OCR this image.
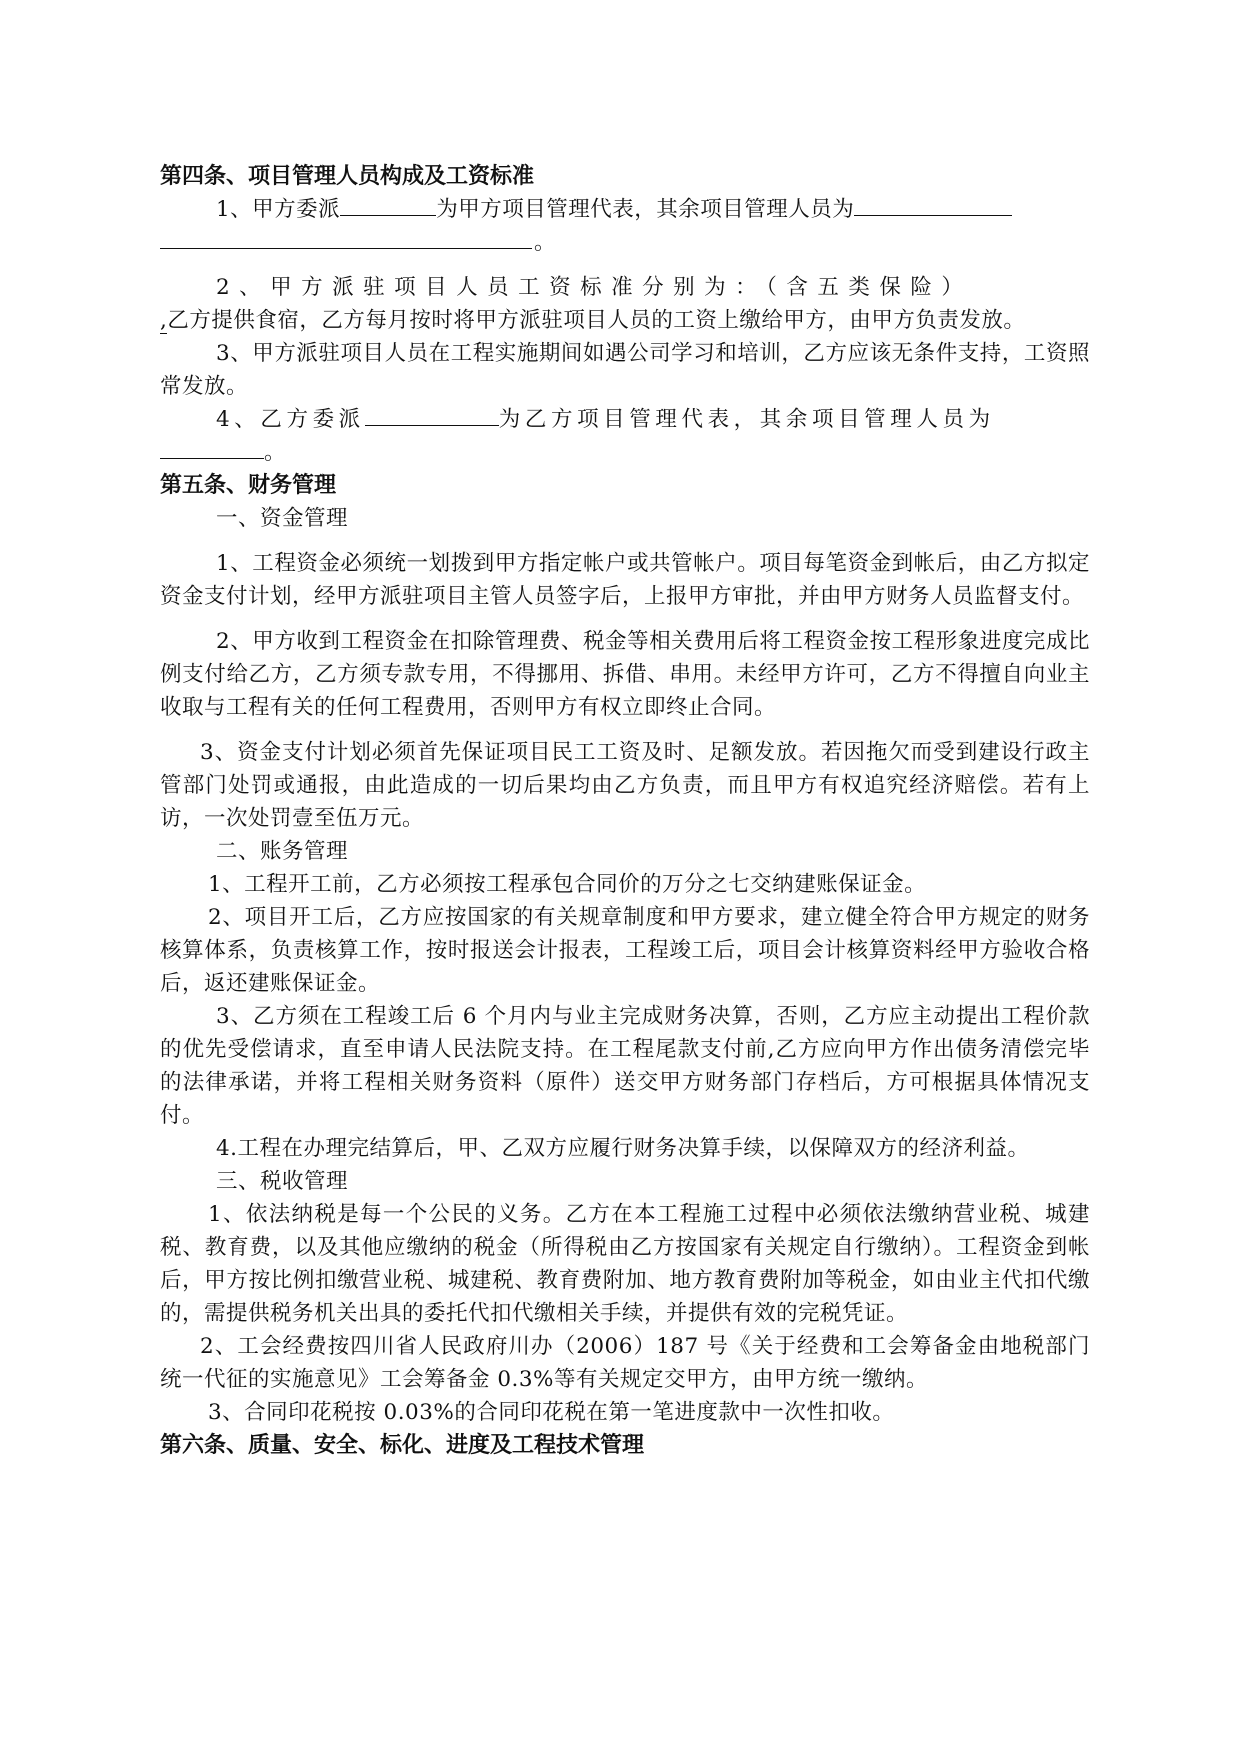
第四条、项目管理人员构成及工资标准

1、甲方委派	为甲方项目管理代表，其余项目管理人员为
。

2、甲方派驻项目人员工资标准分别为：（含五类保险）
,乙方提供食宿，乙方每月按时将甲方派驻项目人员的工资上缴给甲方，由甲方负责发放。

3、甲方派驻项目人员在工程实施期间如遇公司学习和培训，乙方应该无条件支持，工资照常发放。

4、乙方委派	为乙方项目管理代表，其余项目管理人员为
。

第五条、财务管理

一、资金管理

1、工程资金必须统一划拨到甲方指定帐户或共管帐户。项目每笔资金到帐后，由乙方拟定资金支付计划，经甲方派驻项目主管人员签字后，上报甲方审批，并由甲方财务人员监督支付。

2、甲方收到工程资金在扣除管理费、税金等相关费用后将工程资金按工程形象进度完成比例支付给乙方，乙方须专款专用，不得挪用、拆借、串用。未经甲方许可，乙方不得擅自向业主收取与工程有关的任何工程费用，否则甲方有权立即终止合同。

3、资金支付计划必须首先保证项目民工工资及时、足额发放。若因拖欠而受到建设行政主管部门处罚或通报，由此造成的一切后果均由乙方负责，而且甲方有权追究经济赔偿。若有上访，一次处罚壹至伍万元。

二、账务管理

1、工程开工前，乙方必须按工程承包合同价的万分之七交纳建账保证金。

2、项目开工后，乙方应按国家的有关规章制度和甲方要求，建立健全符合甲方规定的财务核算体系，负责核算工作，按时报送会计报表，工程竣工后，项目会计核算资料经甲方验收合格后，返还建账保证金。

3、乙方须在工程竣工后 6 个月内与业主完成财务决算，否则，乙方应主动提出工程价款的优先受偿请求，直至申请人民法院支持。在工程尾款支付前,乙方应向甲方作出债务清偿完毕的法律承诺，并将工程相关财务资料（原件）送交甲方财务部门存档后，方可根据具体情况支付。

4.工程在办理完结算后，甲、乙双方应履行财务决算手续，以保障双方的经济利益。

三、税收管理

1、依法纳税是每一个公民的义务。乙方在本工程施工过程中必须依法缴纳营业税、城建税、教育费，以及其他应缴纳的税金（所得税由乙方按国家有关规定自行缴纳）。工程资金到帐后，甲方按比例扣缴营业税、城建税、教育费附加、地方教育费附加等税金，如由业主代扣代缴的，需提供税务机关出具的委托代扣代缴相关手续，并提供有效的完税凭证。

2、工会经费按四川省人民政府川办（2006）187 号《关于经费和工会筹备金由地税部门统一代征的实施意见》工会筹备金 0.3%等有关规定交甲方，由甲方统一缴纳。

3、合同印花税按 0.03%的合同印花税在第一笔进度款中一次性扣收。

第六条、质量、安全、标化、进度及工程技术管理
